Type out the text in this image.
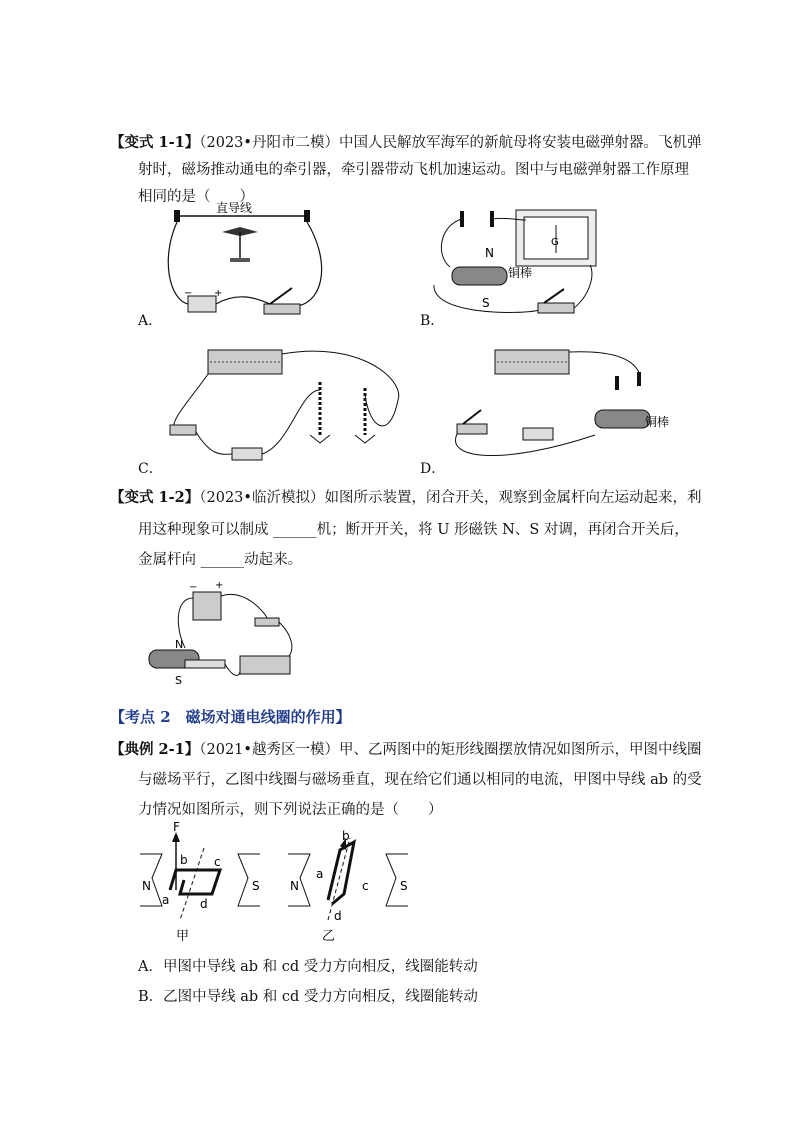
【变式 1-1】（2023•丹阳市二模）中国人民解放军海军的新航母将安装电磁弹射器。飞机弹
射时，磁场推动通电的牵引器，牵引器带动飞机加速运动。图中与电磁弹射器工作原理
相同的是（　　）
直导线
− +
A．
G
N
S
铜棒
B．
C．
铜棒
D．
【变式 1-2】（2023•临沂模拟）如图所示装置，闭合开关，观察到金属杆向左运动起来，利
用这种现象可以制成 ______机；断开开关，将 U 形磁铁 N、S 对调，再闭合开关后，
金属杆向 ______动起来。
− +
N
S
【考点 2　磁场对通电线圈的作用】
【典例 2-1】（2021•越秀区一模）甲、乙两图中的矩形线圈摆放情况如图所示，甲图中线圈
与磁场平行，乙图中线圈与磁场垂直，现在给它们通以相同的电流，甲图中导线 ab 的受
力情况如图所示，则下列说法正确的是（　　）
N	S
F
b c
a	d
甲
N	S
b
a
c
d
乙
A．甲图中导线 ab 和 cd 受力方向相反，线圈能转动
B．乙图中导线 ab 和 cd 受力方向相反，线圈能转动
